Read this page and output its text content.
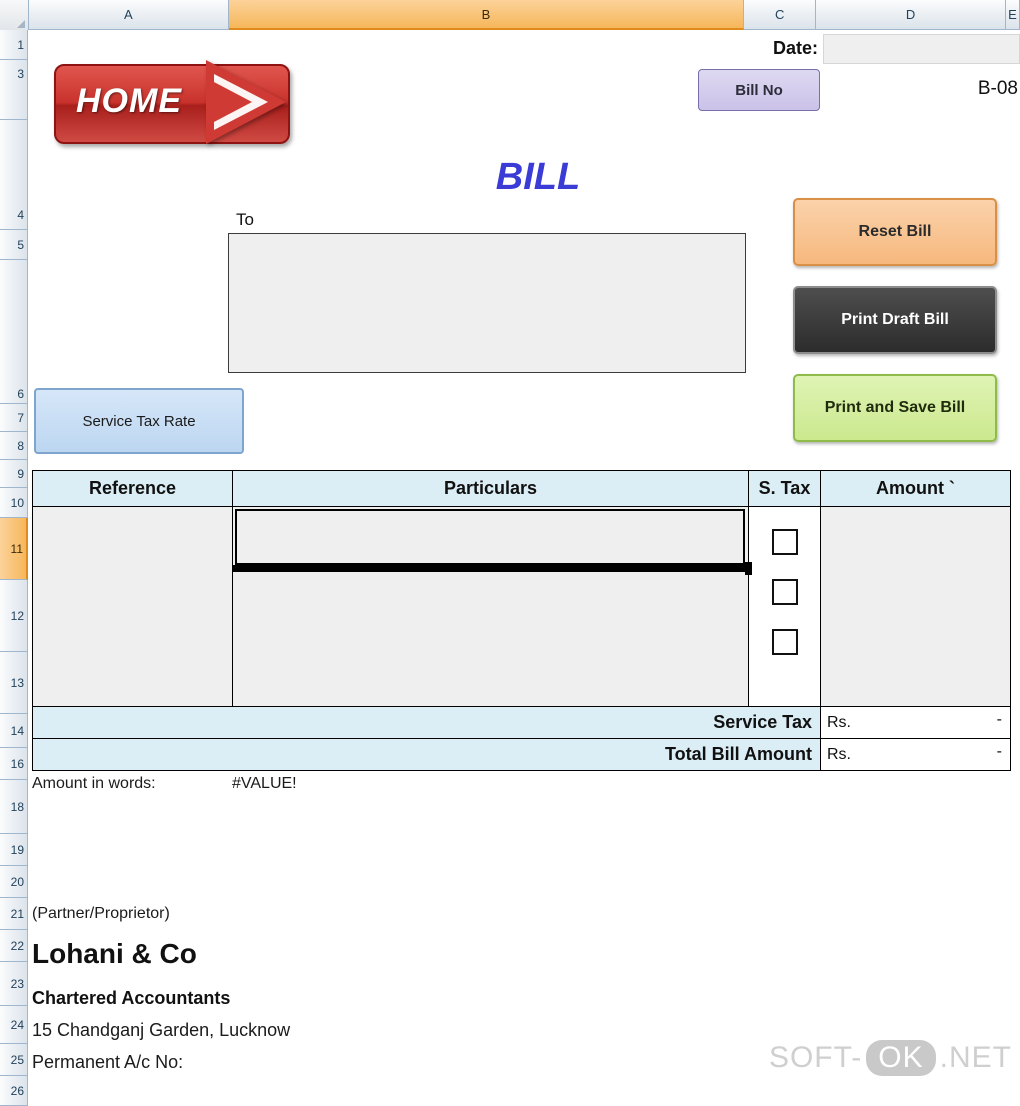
A	B	C	D	E
1
3
4
5
6
7
8
9
10
11
12
13
14
16
18
19
20
21
22
23
24
25
26
Date:
HOME	Bill No	B-08
BILL
To
Reset Bill
Print Draft Bill
Print and Save Bill
Service Tax Rate
Reference	Particulars	S. Tax	Amount `

Service Tax			Rs. -

Total Bill Amount			Rs. -
Amount in words:	#VALUE!
(Partner/Proprietor)
Lohani & Co
Chartered Accountants
15 Chandganj Garden, Lucknow
Permanent A/c No:	SOFT- OK .NET
